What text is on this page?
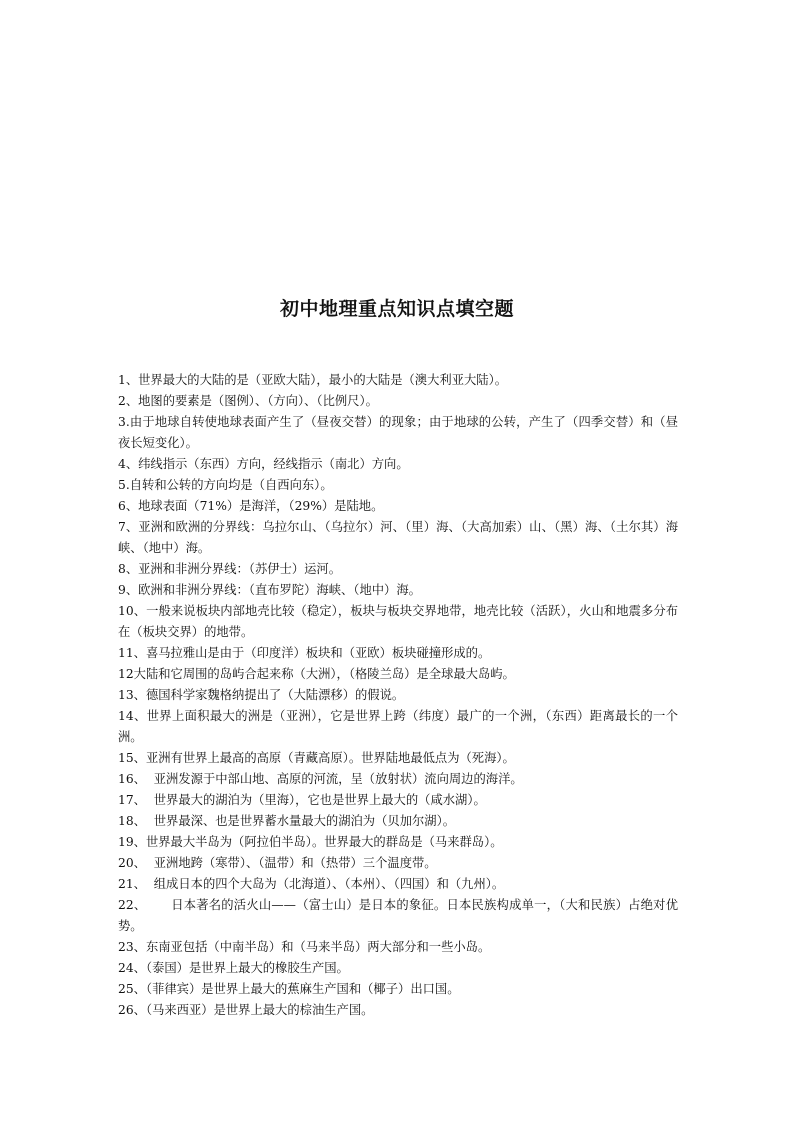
初中地理重点知识点填空题

1、世界最大的大陆的是（亚欧大陆），最小的大陆是（澳大利亚大陆）。

2、地图的要素是（图例）、（方向）、（比例尺）。

3.由于地球自转使地球表面产生了（昼夜交替）的现象；由于地球的公转，产生了（四季交替）和（昼夜长短变化）。

4、纬线指示（东西）方向，经线指示（南北）方向。

5.自转和公转的方向均是（自西向东）。

6、地球表面（71%）是海洋，（29%）是陆地。

7、亚洲和欧洲的分界线：乌拉尔山、（乌拉尔）河、（里）海、（大高加索）山、（黑）海、（土尔其）海峡、（地中）海。

8、亚洲和非洲分界线：（苏伊士）运河。

9、欧洲和非洲分界线：（直布罗陀）海峡、（地中）海。

10、一般来说板块内部地壳比较（稳定），板块与板块交界地带，地壳比较（活跃），火山和地震多分布在（板块交界）的地带。

11、喜马拉雅山是由于（印度洋）板块和（亚欧）板块碰撞形成的。

12大陆和它周围的岛屿合起来称（大洲），（格陵兰岛）是全球最大岛屿。

13、德国科学家魏格纳提出了（大陆漂移）的假说。

14、世界上面积最大的洲是（亚洲），它是世界上跨（纬度）最广的一个洲，（东西）距离最长的一个洲。

15、亚洲有世界上最高的高原（青藏高原）。世界陆地最低点为（死海）。

16、  亚洲发源于中部山地、高原的河流，呈（放射状）流向周边的海洋。

17、  世界最大的湖泊为（里海），它也是世界上最大的（咸水湖）。

18、  世界最深、也是世界蓄水量最大的湖泊为（贝加尔湖）。

19、世界最大半岛为（阿拉伯半岛）。世界最大的群岛是（马来群岛）。

20、  亚洲地跨（寒带）、（温带）和（热带）三个温度带。

21、  组成日本的四个大岛为（北海道）、（本州）、（四国）和（九州）。

22、      日本著名的活火山——（富士山）是日本的象征。日本民族构成单一，（大和民族）占绝对优势。

23、东南亚包括（中南半岛）和（马来半岛）两大部分和一些小岛。

24、（泰国）是世界上最大的橡胶生产国。

25、（菲律宾）是世界上最大的蕉麻生产国和（椰子）出口国。

26、（马来西亚）是世界上最大的棕油生产国。
